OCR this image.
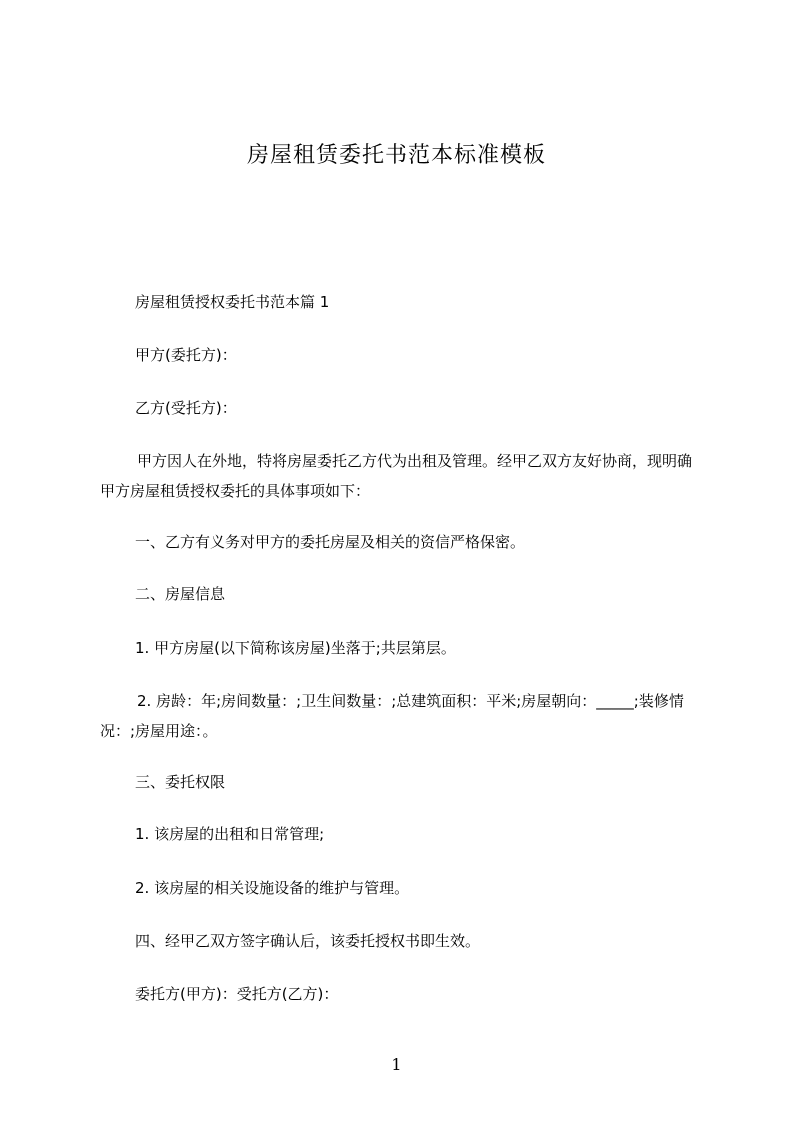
房屋租赁委托书范本标准模板
房屋租赁授权委托书范本篇 1
甲方(委托方)：
乙方(受托方)：
甲方因人在外地，特将房屋委托乙方代为出租及管理。经甲乙双方友好协商，现明确甲方房屋租赁授权委托的具体事项如下：
一、乙方有义务对甲方的委托房屋及相关的资信严格保密。
二、房屋信息
1. 甲方房屋(以下简称该房屋)坐落于;共层第层。
2. 房龄：年;房间数量：;卫生间数量：;总建筑面积：平米;房屋朝向：_____;装修情况：;房屋用途：。
三、委托权限
1. 该房屋的出租和日常管理;
2. 该房屋的相关设施设备的维护与管理。
四、经甲乙双方签字确认后，该委托授权书即生效。
委托方(甲方)：受托方(乙方)：
1
